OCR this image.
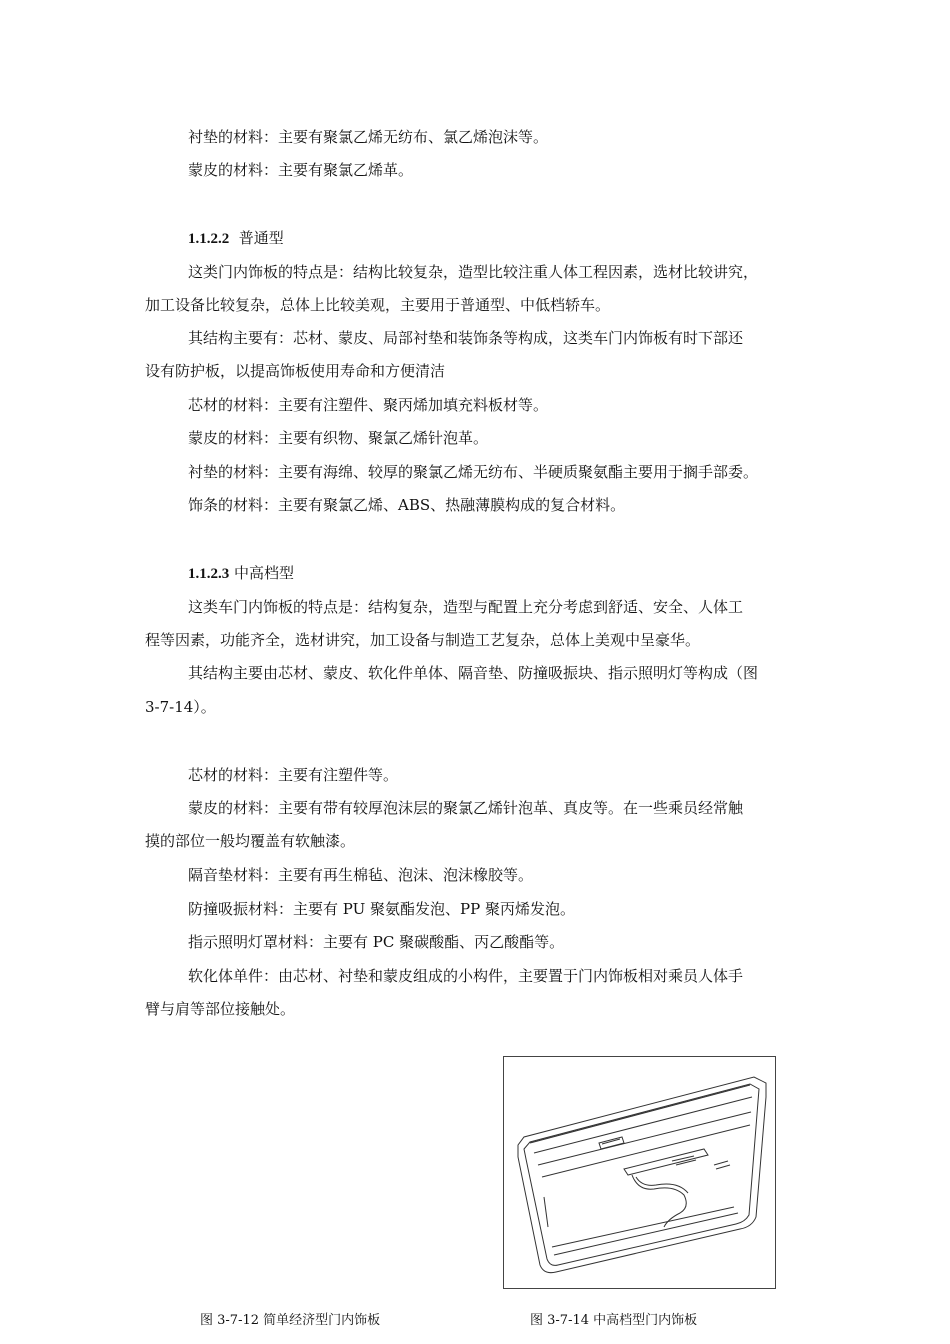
衬垫的材料：主要有聚氯乙烯无纺布、氯乙烯泡沫等。
蒙皮的材料：主要有聚氯乙烯革。
1.1.2.2 普通型
这类门内饰板的特点是：结构比较复杂，造型比较注重人体工程因素，选材比较讲究，
加工设备比较复杂，总体上比较美观，主要用于普通型、中低档轿车。
其结构主要有：芯材、蒙皮、局部衬垫和装饰条等构成，这类车门内饰板有时下部还
设有防护板，以提高饰板使用寿命和方便清洁
芯材的材料：主要有注塑件、聚丙烯加填充料板材等。
蒙皮的材料：主要有织物、聚氯乙烯针泡革。
衬垫的材料：主要有海绵、较厚的聚氯乙烯无纺布、半硬质聚氨酯主要用于搁手部委。
饰条的材料：主要有聚氯乙烯、ABS、热融薄膜构成的复合材料。
1.1.2.3 中高档型
这类车门内饰板的特点是：结构复杂，造型与配置上充分考虑到舒适、安全、人体工
程等因素，功能齐全，选材讲究，加工设备与制造工艺复杂，总体上美观中呈豪华。
其结构主要由芯材、蒙皮、软化件单体、隔音垫、防撞吸振块、指示照明灯等构成（图
3-7-14）。
芯材的材料：主要有注塑件等。
蒙皮的材料：主要有带有较厚泡沫层的聚氯乙烯针泡革、真皮等。在一些乘员经常触
摸的部位一般均覆盖有软触漆。
隔音垫材料：主要有再生棉毡、泡沫、泡沫橡胶等。
防撞吸振材料：主要有 PU 聚氨酯发泡、PP 聚丙烯发泡。
指示照明灯罩材料：主要有 PC 聚碳酸酯、丙乙酸酯等。
软化体单件：由芯材、衬垫和蒙皮组成的小构件，主要置于门内饰板相对乘员人体手
臂与肩等部位接触处。
图 3-7-12 简单经济型门内饰板	图 3-7-14 中高档型门内饰板
